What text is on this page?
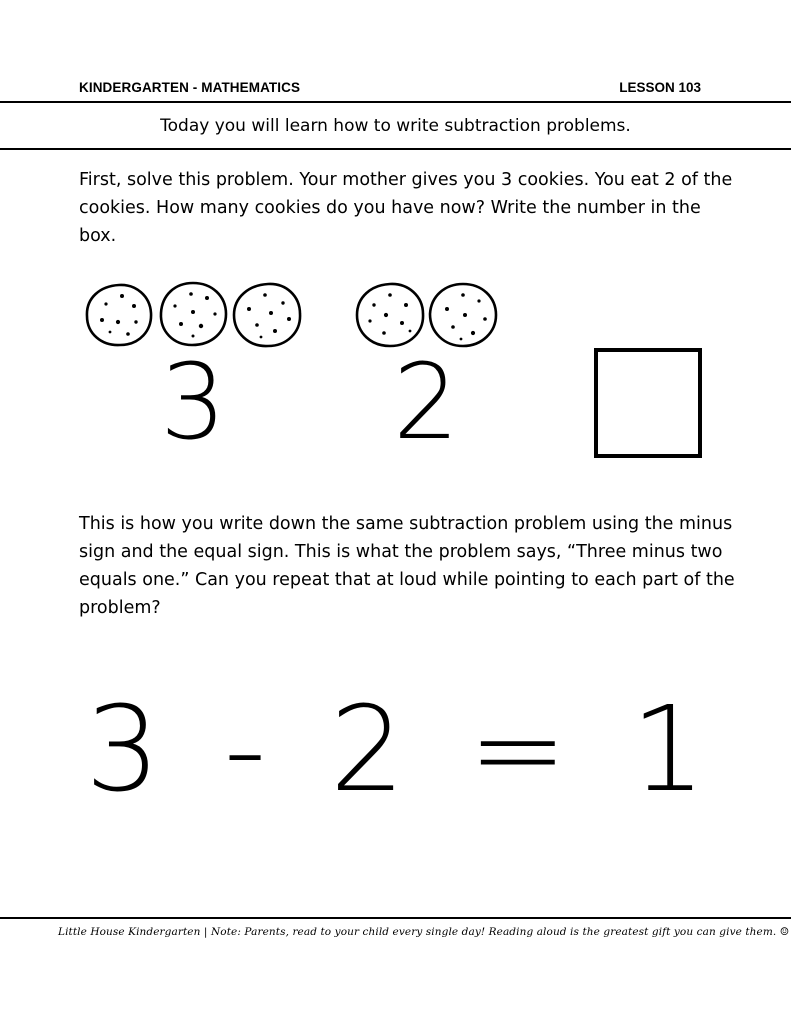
KINDERGARTEN - MATHEMATICS	LESSON 103
Today you will learn how to write subtraction problems.
First, solve this problem. Your mother gives you 3 cookies. You eat 2 of the cookies. How many cookies do you have now? Write the number in the box.
3 2
This is how you write down the same subtraction problem using the minus sign and the equal sign. This is what the problem says, “Three minus two equals one.” Can you repeat that at loud while pointing to each part of the problem?
3 - 2 = 1
Little House Kindergarten | Note: Parents, read to your child every single day! Reading aloud is the greatest gift you can give them. ☺
